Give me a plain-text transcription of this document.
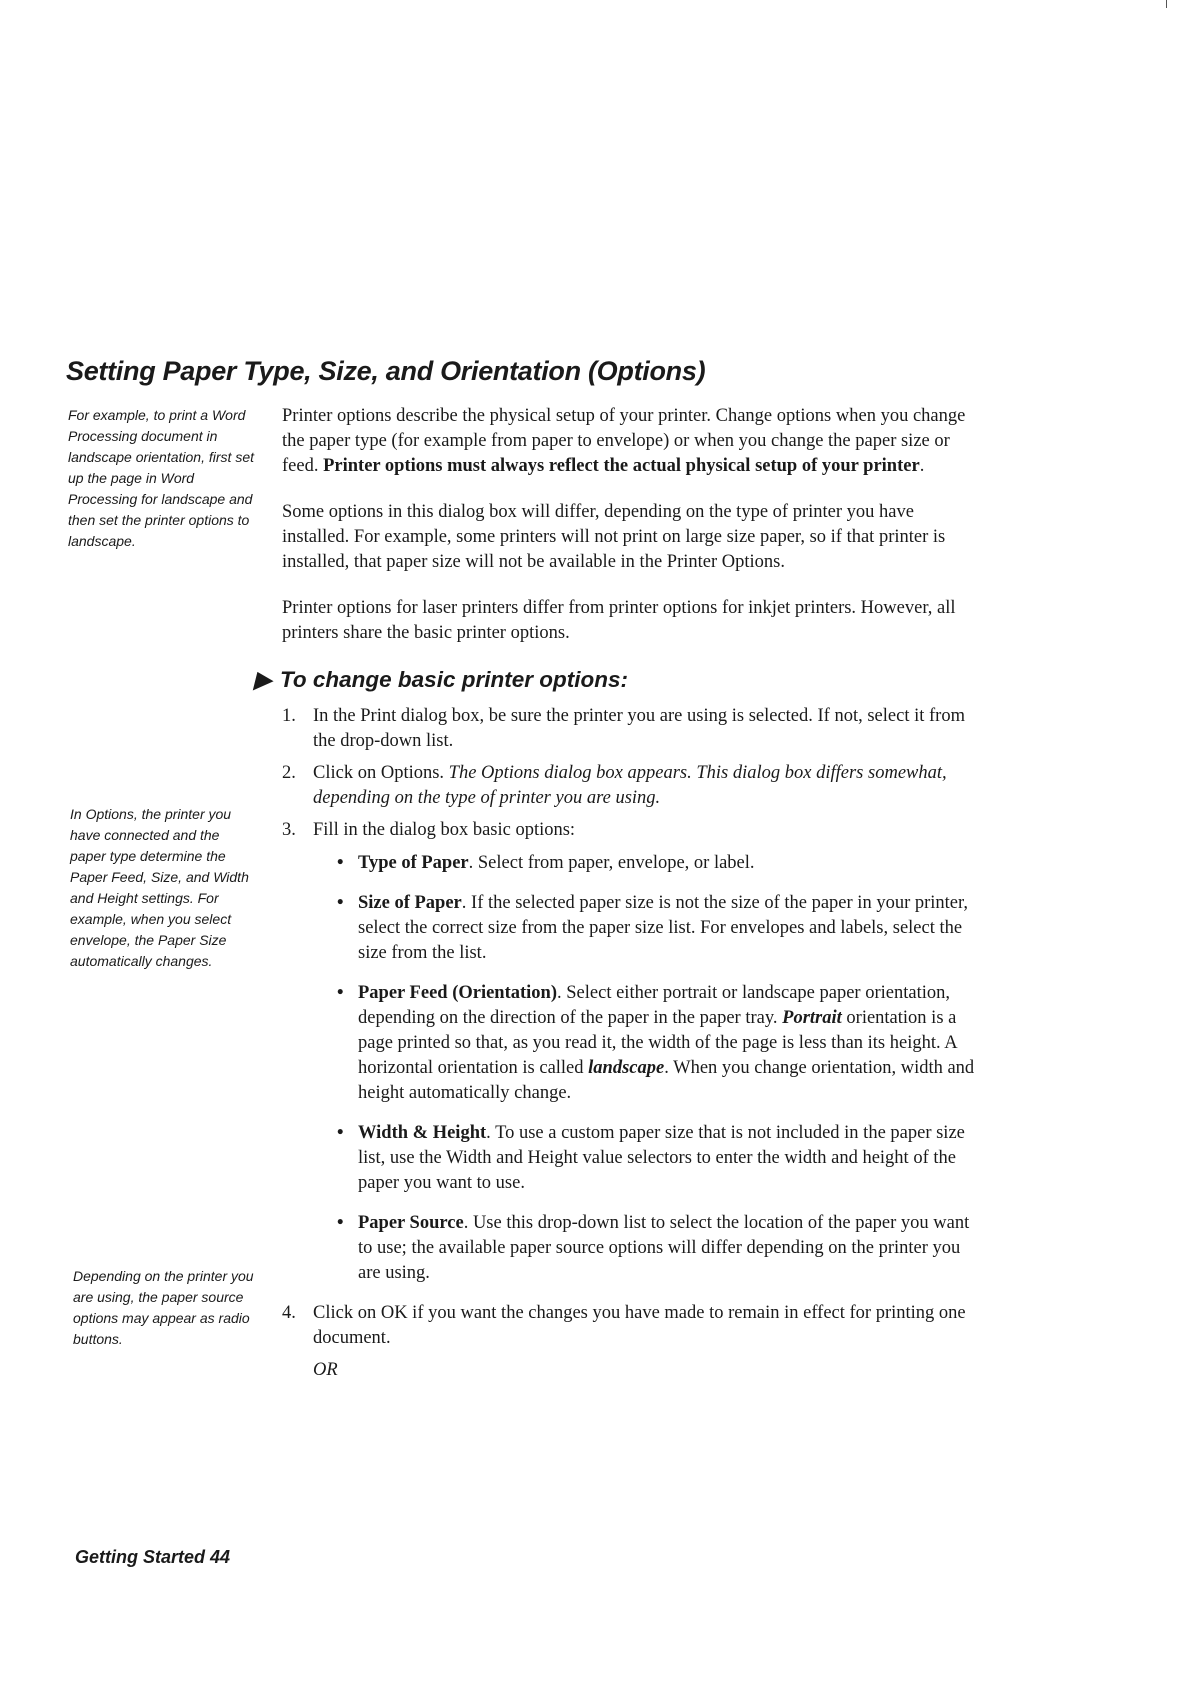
Setting Paper Type, Size, and Orientation (Options)

For example, to print a Word Processing document in landscape orientation, first set up the page in Word Processing for landscape and then set the printer options to landscape.

In Options, the printer you have connected and the paper type determine the Paper Feed, Size, and Width and Height settings. For example, when you select envelope, the Paper Size automatically changes.

Depending on the printer you are using, the paper source options may appear as radio buttons.

Printer options describe the physical setup of your printer. Change options when you change the paper type (for example from paper to envelope) or when you change the paper size or feed. Printer options must always reflect the actual physical setup of your printer.

Some options in this dialog box will differ, depending on the type of printer you have installed. For example, some printers will not print on large size paper, so if that printer is installed, that paper size will not be available in the Printer Options.

Printer options for laser printers differ from printer options for inkjet printers. However, all printers share the basic printer options.

▶ To change basic printer options:
1. In the Print dialog box, be sure the printer you are using is selected. If not, select it from the drop-down list.
2. Click on Options. The Options dialog box appears. This dialog box differs somewhat, depending on the type of printer you are using.
3. Fill in the dialog box basic options:
• Type of Paper. Select from paper, envelope, or label.
• Size of Paper. If the selected paper size is not the size of the paper in your printer, select the correct size from the paper size list. For envelopes and labels, select the size from the list.
• Paper Feed (Orientation). Select either portrait or landscape paper orientation, depending on the direction of the paper in the paper tray. Portrait orientation is a page printed so that, as you read it, the width of the page is less than its height. A horizontal orientation is called landscape. When you change orientation, width and height automatically change.
• Width & Height. To use a custom paper size that is not included in the paper size list, use the Width and Height value selectors to enter the width and height of the paper you want to use.
• Paper Source. Use this drop-down list to select the location of the paper you want to use; the available paper source options will differ depending on the printer you are using.
4. Click on OK if you want the changes you have made to remain in effect for printing one document.
OR
Getting Started 44
